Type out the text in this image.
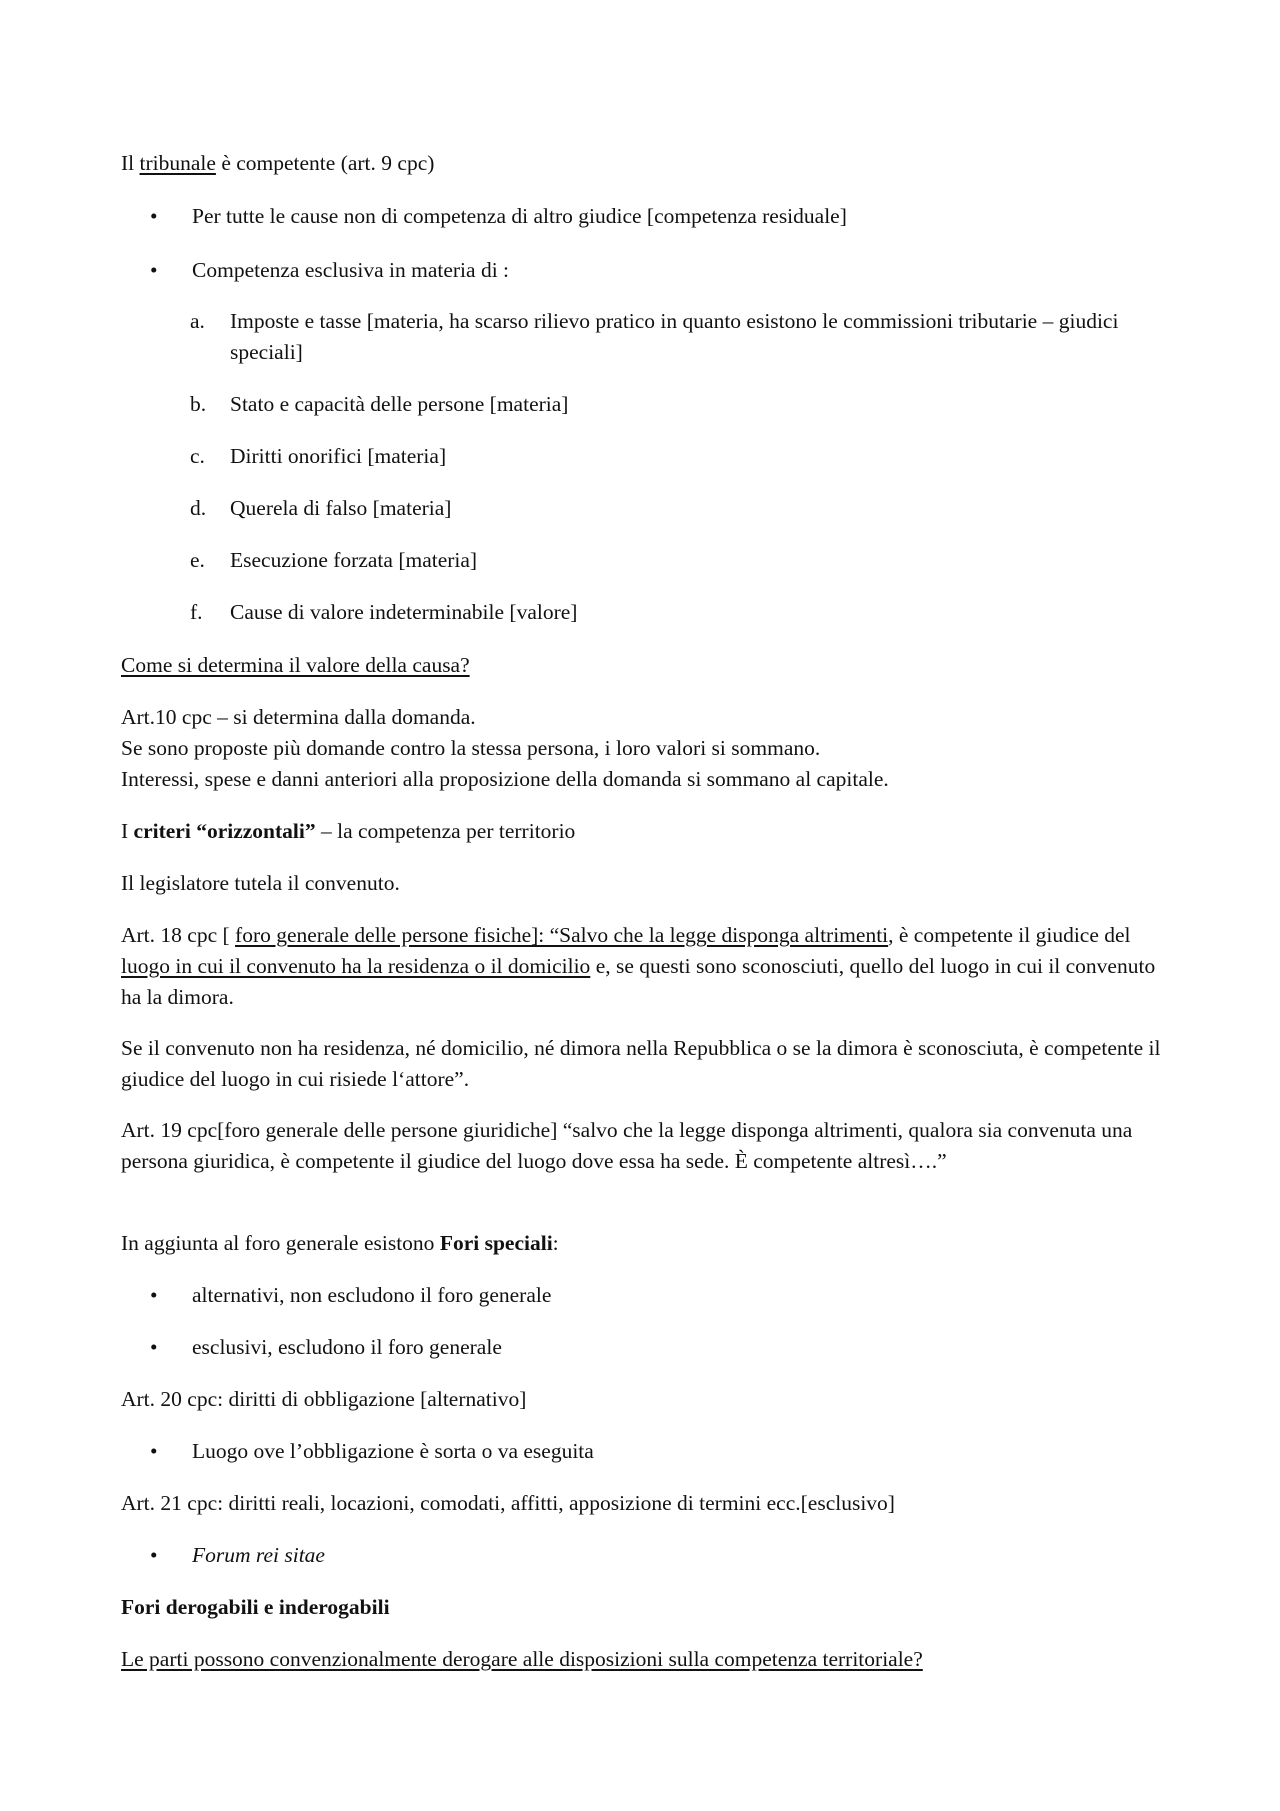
Il tribunale è competente (art. 9 cpc)

•	Per tutte le cause non di competenza di altro giudice [competenza residuale]
•	Competenza esclusiva in materia di :
a.	Imposte e tasse [materia, ha scarso rilievo pratico in quanto esistono le commissioni tributarie – giudici speciali]
b.	Stato e capacità delle persone [materia]
c.	Diritti onorifici [materia]
d.	Querela di falso [materia]
e.	Esecuzione forzata [materia]
f.	Cause di valore indeterminabile [valore]

Come si determina il valore della causa?

Art.10 cpc – si determina dalla domanda.

Se sono proposte più domande contro la stessa persona, i loro valori si sommano.

Interessi, spese e danni anteriori alla proposizione della domanda si sommano al capitale.

I criteri “orizzontali” – la competenza per territorio

Il legislatore tutela il convenuto.

Art. 18 cpc [ foro generale delle persone fisiche]: “Salvo che la legge disponga altrimenti, è competente il giudice del luogo in cui il convenuto ha la residenza o il domicilio e, se questi sono sconosciuti, quello del luogo in cui il convenuto ha la dimora.

Se il convenuto non ha residenza, né domicilio, né dimora nella Repubblica o se la dimora è sconosciuta, è competente il giudice del luogo in cui risiede l‘attore”.

Art. 19 cpc[foro generale delle persone giuridiche] “salvo che la legge disponga altrimenti, qualora sia convenuta una persona giuridica, è competente il giudice del luogo dove essa ha sede. È competente altresì….”

In aggiunta al foro generale esistono Fori speciali:

•	alternativi, non escludono il foro generale
•	esclusivi, escludono il foro generale

Art. 20 cpc: diritti di obbligazione [alternativo]

•	Luogo ove l’obbligazione è sorta o va eseguita

Art. 21 cpc: diritti reali, locazioni, comodati, affitti, apposizione di termini ecc.[esclusivo]

•	Forum rei sitae

Fori derogabili e inderogabili

Le parti possono convenzionalmente derogare alle disposizioni sulla competenza territoriale?
